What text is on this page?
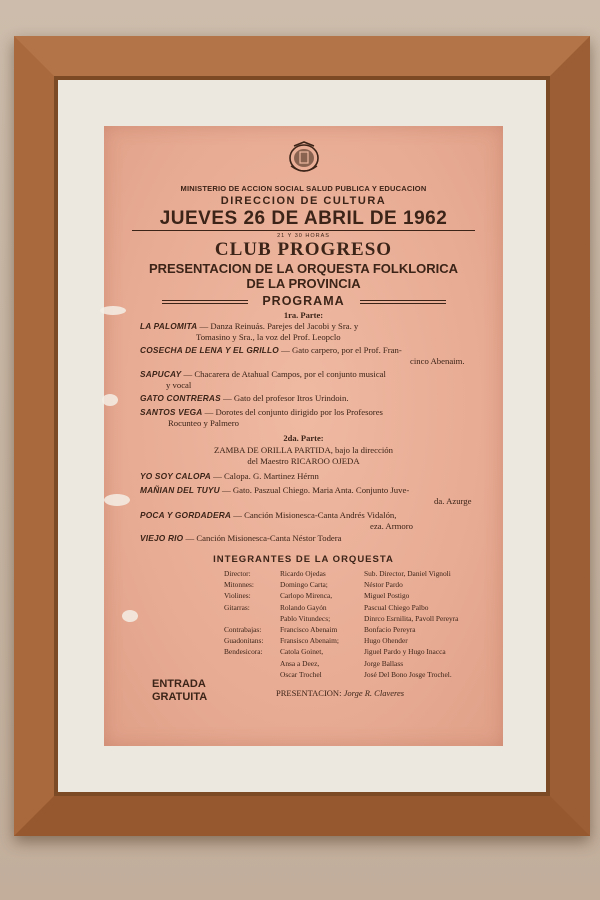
MINISTERIO DE ACCION SOCIAL SALUD PUBLICA Y EDUCACION
DIRECCION DE CULTURA
JUEVES 26 DE ABRIL DE 1962
21 Y 30 HORAS
CLUB PROGRESO
PRESENTACION DE LA ORQUESTA FOLKLORICA
DE LA PROVINCIA
PROGRAMA
1ra. Parte:
LA PALOMITA — Danza Reinuás. Parejes del Jacobi y Sra. y
Tomasino y Sra., la voz del Prof. Leopclo
COSECHA DE LENA Y EL GRILLO — Gato carpero, por el Prof. Fran-
cinco Abenaim.
SAPUCAY — Chacarera de Atahual Campos, por el conjunto musical
y vocal
GATO CONTRERAS — Gato del profesor Itros Urindoin.
SANTOS VEGA — Dorotes del conjunto dirigido por los Profesores
Rocunteo y Palmero
2da. Parte:
ZAMBA DE ORILLA PARTIDA, bajo la dirección
del Maestro RICAROO OJEDA
YO SOY CALOPA — Calopa. G. Martinez Hérnn
MAÑIAN DEL TUYU — Gato. Paszual Chiego. Maria Anta. Conjunto Juve-
da. Azurge
POCA Y GORDADERA — Canción Misionesca-Canta Andrés Vidalón,
eza. Armoro
VIEJO RIO — Canción Misionesca-Canta Néstor Todera
INTEGRANTES DE LA ORQUESTA
Director:	Ricardo Ojedas	Sub. Director, Daniel Vignoli
Mitonnes:	Domingo Carta;	Néstor Pardo
Violines:	Carlopo Mirenca,	Miguel Postigo
Gitarras:	Rolando Gayón	Pascual Chiego Palbo
Pablo Vitundecs;	Dinrco Esrnilita, Pavoll Pereyra
Contrabajas:	Francisco Abenaim	Bonfacio Pereyra
Guadonitans: Fransisco Abenaim;	Hugo Ohender
Bendesicora: Catola Goinet,	Jiguel Pardo y Hugo Inacca
Ansa a Deez,	Jorge Ballass
Oscar Trochel	José Del Bono Josge Trochel.
ENTRADA
GRATUITA	PRESENTACION: Jorge R. Claveres
